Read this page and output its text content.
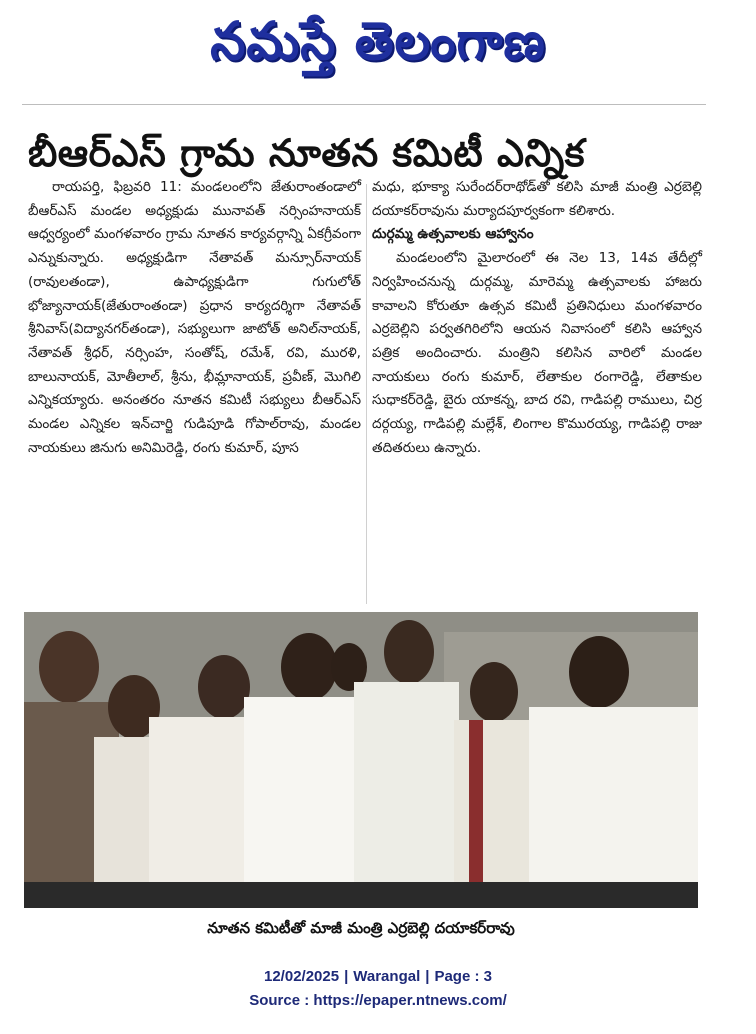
నమస్తే తెలంగాణ
బీఆర్ఎస్ గ్రామ నూతన కమిటీ ఎన్నిక

రాయపర్తి, ఫిబ్రవరి 11: మండలంలోని జేతురాంతండాలో బీఆర్ఎస్ మండల అధ్యక్షుడు మునావత్ నర్సింహనాయక్ ఆధ్వర్యంలో మంగళవారం గ్రామ నూతన కార్యవర్గాన్ని ఏకగ్రీవంగా ఎన్నుకున్నారు. అధ్యక్షుడిగా నేతావత్ మన్సూర్‌నాయక్ (రావులతండా), ఉపాధ్యక్షుడిగా గుగులోత్ భోజ్యానాయక్(జేతురాంతండా) ప్రధాన కార్యదర్శిగా నేతావత్ శ్రీనివాస్(విద్యానగర్‌తండా), సభ్యులుగా జాటోత్ అనిల్‌నాయక్, నేతావత్ శ్రీధర్, నర్సింహ, సంతోష్, రమేశ్, రవి, మురళి, బాలునాయక్, మోతీలాల్, శ్రీను, భీమ్లానాయక్, ప్రవీణ్, మొగిలి ఎన్నికయ్యారు. అనంతరం నూతన కమిటీ సభ్యులు బీఆర్ఎస్ మండల ఎన్నికల ఇన్‌చార్జి గుడిపూడి గోపాల్‌రావు, మండల నాయకులు జినుగు అనిమిరెడ్డి, రంగు కుమార్, పూస

మధు, భూక్యా సురేందర్‌రాథోడ్‌తో కలిసి మాజీ మంత్రి ఎర్రబెల్లి దయాకర్‌రావును మర్యాదపూర్వకంగా కలిశారు.

దుర్గమ్మ ఉత్సవాలకు ఆహ్వానం

మండలంలోని మైలారంలో ఈ నెల 13, 14వ తేదీల్లో నిర్వహించనున్న దుర్గమ్మ, మారెమ్మ ఉత్సవాలకు హాజరు కావాలని కోరుతూ ఉత్సవ కమిటీ ప్రతినిధులు మంగళవారం ఎర్రబెల్లిని పర్వతగిరిలోని ఆయన నివాసంలో కలిసి ఆహ్వాన పత్రిక అందించారు. మంత్రిని కలిసిన వారిలో మండల నాయకులు రంగు కుమార్, లేతాకుల రంగారెడ్డి, లేతాకుల సుధాకర్‌రెడ్డి, బైరు యాకన్న, బాద రవి, గాడిపల్లి రాములు, చిర్ర దర్గయ్య, గాడిపల్లి మల్లేశ్, లింగాల కొమురయ్య, గాడిపల్లి రాజు తదితరులు ఉన్నారు.

నూతన కమిటీతో మాజీ మంత్రి ఎర్రబెల్లి దయాకర్‌రావు
12/02/2025 | Warangal | Page : 3
Source : https://epaper.ntnews.com/
